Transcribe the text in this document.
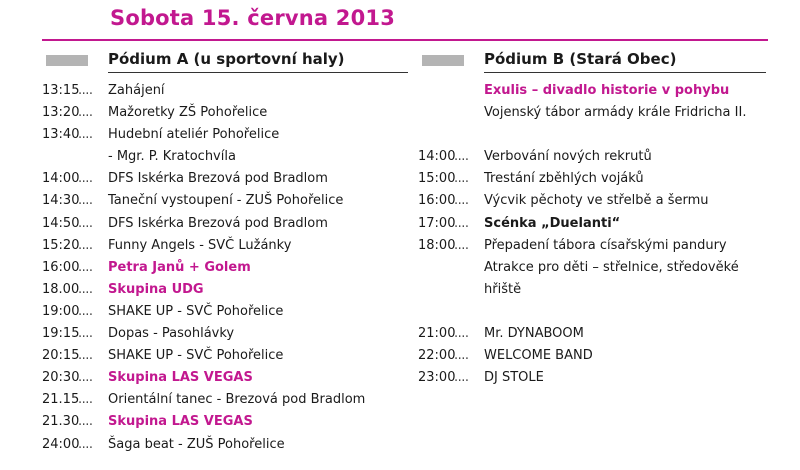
Sobota 15. června 2013
Pódium A (u sportovní haly)
13:15.... Zahájení
13:20.... Mažoretky ZŠ Pohořelice
13:40.... Hudební ateliér Pohořelice
- Mgr. P. Kratochvíla
14:00.... DFS Iskérka Brezová pod Bradlom
14:30.... Taneční vystoupení - ZUŠ Pohořelice
14:50.... DFS Iskérka Brezová pod Bradlom
15:20.... Funny Angels - SVČ Lužánky
16:00.... Petra Janů + Golem
18.00.... Skupina UDG
19:00.... SHAKE UP - SVČ Pohořelice
19:15.... Dopas - Pasohlávky
20:15.... SHAKE UP - SVČ Pohořelice
20:30.... Skupina LAS VEGAS
21.15.... Orientální tanec - Brezová pod Bradlom
21.30.... Skupina LAS VEGAS
24:00.... Šaga beat - ZUŠ Pohořelice
Pódium B (Stará Obec)
Exulis – divadlo historie v pohybu
Vojenský tábor armády krále Fridricha II.
14:00.... Verbování nových rekrutů
15:00.... Trestání zběhlých vojáků
16:00.... Výcvik pěchoty ve střelbě a šermu
17:00.... Scénka „Duelanti“
18:00.... Přepadení tábora císařskými pandury
Atrakce pro děti – střelnice, středověké
hřiště
21:00.... Mr. DYNABOOM
22:00.... WELCOME BAND
23:00.... DJ STOLE
